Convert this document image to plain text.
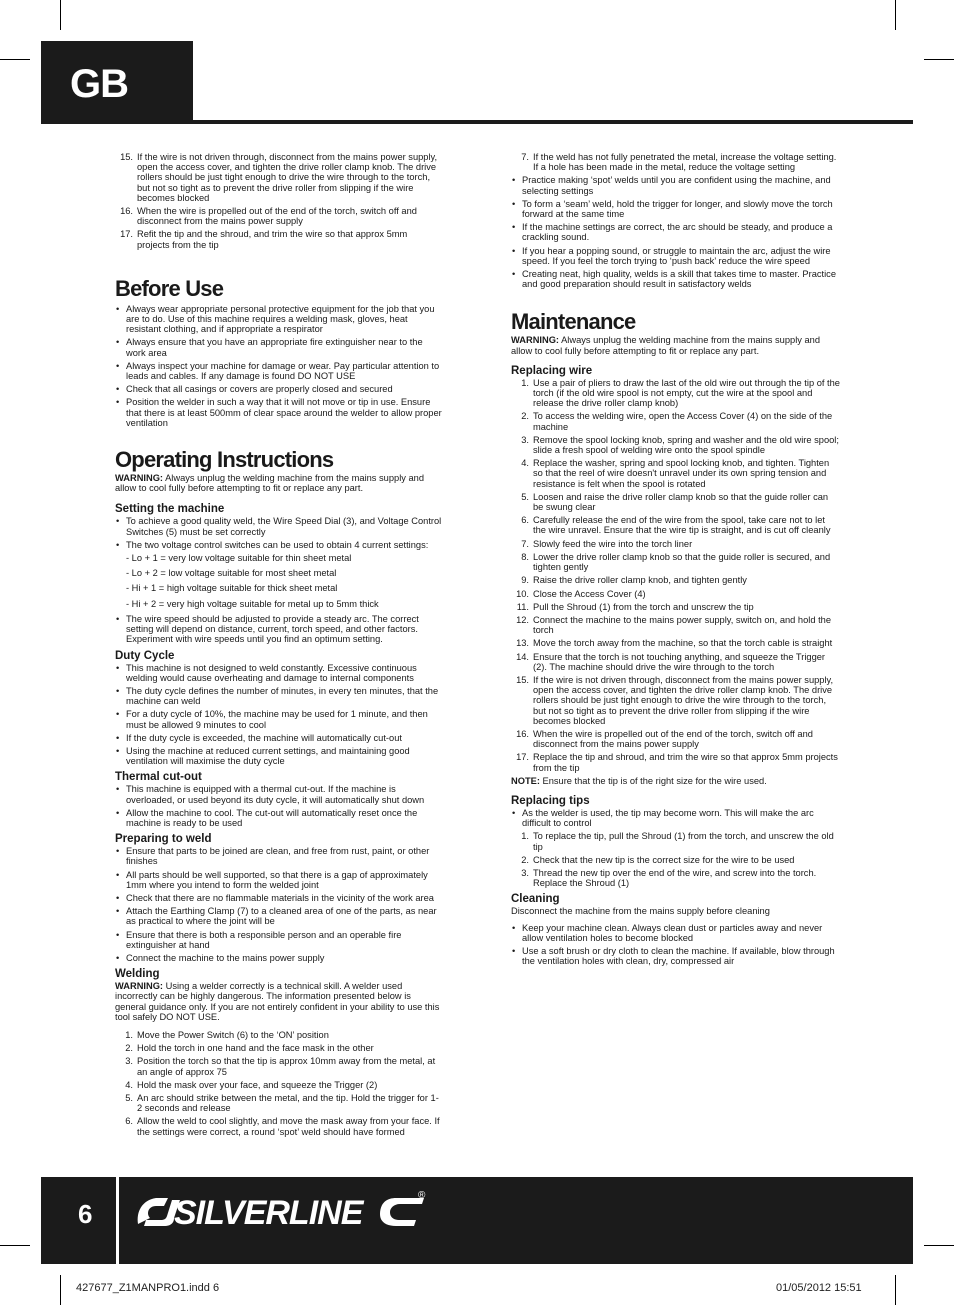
GB
15. If the wire is not driven through, disconnect from the mains power supply, open the access cover, and tighten the drive roller clamp knob. The drive rollers should be just tight enough to drive the wire through to the torch, but not so tight as to prevent the drive roller from slipping if the wire becomes blocked
16. When the wire is propelled out of the end of the torch, switch off and disconnect from the mains power supply
17. Refit the tip and the shroud, and trim the wire so that approx 5mm projects from the tip
Before Use
• Always wear appropriate personal protective equipment for the job that you are to do. Use of this machine requires a welding mask, gloves, heat resistant clothing, and if appropriate a respirator
• Always ensure that you have an appropriate fire extinguisher near to the work area
• Always inspect your machine for damage or wear. Pay particular attention to leads and cables. If any damage is found DO NOT USE
• Check that all casings or covers are properly closed and secured
• Position the welder in such a way that it will not move or tip in use. Ensure that there is at least 500mm of clear space around the welder to allow proper ventilation
Operating Instructions

WARNING: Always unplug the welding machine from the mains supply and allow to cool fully before attempting to fit or replace any part.

Setting the machine
• To achieve a good quality weld, the Wire Speed Dial (3), and Voltage Control Switches (5) must be set correctly
• The two voltage control switches can be used to obtain 4 current settings:
- Lo + 1 = very low voltage suitable for thin sheet metal
- Lo + 2 = low voltage suitable for most sheet metal
- Hi + 1 = high voltage suitable for thick sheet metal
- Hi + 2 = very high voltage suitable for metal up to 5mm thick
• The wire speed should be adjusted to provide a steady arc. The correct setting will depend on distance, current, torch speed, and other factors. Experiment with wire speeds until you find an optimum setting.
Duty Cycle
• This machine is not designed to weld constantly. Excessive continuous welding would cause overheating and damage to internal components
• The duty cycle defines the number of minutes, in every ten minutes, that the machine can weld
• For a duty cycle of 10%, the machine may be used for 1 minute, and then must be allowed 9 minutes to cool
• If the duty cycle is exceeded, the machine will automatically cut-out
• Using the machine at reduced current settings, and maintaining good ventilation will maximise the duty cycle
Thermal cut-out
• This machine is equipped with a thermal cut-out. If the machine is overloaded, or used beyond its duty cycle, it will automatically shut down
• Allow the machine to cool. The cut-out will automatically reset once the machine is ready to be used
Preparing to weld
• Ensure that parts to be joined are clean, and free from rust, paint, or other finishes
• All parts should be well supported, so that there is a gap of approximately 1mm where you intend to form the welded joint
• Check that there are no flammable materials in the vicinity of the work area
• Attach the Earthing Clamp (7) to a cleaned area of one of the parts, as near as practical to where the joint will be
• Ensure that there is both a responsible person and an operable fire extinguisher at hand
• Connect the machine to the mains power supply
Welding

WARNING: Using a welder correctly is a technical skill. A welder used incorrectly can be highly dangerous. The information presented below is general guidance only. If you are not entirely confident in your ability to use this tool safely DO NOT USE.

1. Move the Power Switch (6) to the ‘ON’ position
2. Hold the torch in one hand and the face mask in the other
3. Position the torch so that the tip is approx 10mm away from the metal, at an angle of approx 75
4. Hold the mask over your face, and squeeze the Trigger (2)
5. An arc should strike between the metal, and the tip. Hold the trigger for 1-2 seconds and release
6. Allow the weld to cool slightly, and move the mask away from your face. If the settings were correct, a round ‘spot’ weld should have formed
7. If the weld has not fully penetrated the metal, increase the voltage setting. If a hole has been made in the metal, reduce the voltage setting
• Practice making ‘spot’ welds until you are confident using the machine, and selecting settings
• To form a ‘seam’ weld, hold the trigger for longer, and slowly move the torch forward at the same time
• If the machine settings are correct, the arc should be steady, and produce a crackling sound.
• If you hear a popping sound, or struggle to maintain the arc, adjust the wire speed. If you feel the torch trying to ‘push back’ reduce the wire speed
• Creating neat, high quality, welds is a skill that takes time to master. Practice and good preparation should result in satisfactory welds
Maintenance

WARNING: Always unplug the welding machine from the mains supply and allow to cool fully before attempting to fit or replace any part.

Replacing wire
1. Use a pair of pliers to draw the last of the old wire out through the tip of the torch (if the old wire spool is not empty, cut the wire at the spool and release the drive roller clamp knob)
2. To access the welding wire, open the Access Cover (4) on the side of the machine
3. Remove the spool locking knob, spring and washer and the old wire spool; slide a fresh spool of welding wire onto the spool spindle
4. Replace the washer, spring and spool locking knob, and tighten. Tighten so that the reel of wire doesn't unravel under its own spring tension and resistance is felt when the spool is rotated
5. Loosen and raise the drive roller clamp knob so that the guide roller can be swung clear
6. Carefully release the end of the wire from the spool, take care not to let the wire unravel. Ensure that the wire tip is straight, and is cut off cleanly
7. Slowly feed the wire into the torch liner
8. Lower the drive roller clamp knob so that the guide roller is secured, and tighten gently
9. Raise the drive roller clamp knob, and tighten gently
10. Close the Access Cover (4)
11. Pull the Shroud (1) from the torch and unscrew the tip
12. Connect the machine to the mains power supply, switch on, and hold the torch
13. Move the torch away from the machine, so that the torch cable is straight
14. Ensure that the torch is not touching anything, and squeeze the Trigger (2). The machine should drive the wire through to the torch
15. If the wire is not driven through, disconnect from the mains power supply, open the access cover, and tighten the drive roller clamp knob. The drive rollers should be just tight enough to drive the wire through to the torch, but not so tight as to prevent the drive roller from slipping if the wire becomes blocked
16. When the wire is propelled out of the end of the torch, switch off and disconnect from the mains power supply
17. Replace the tip and shroud, and trim the wire so that approx 5mm projects from the tip

NOTE: Ensure that the tip is of the right size for the wire used.

Replacing tips
• As the welder is used, the tip may become worn. This will make the arc difficult to control
1. To replace the tip, pull the Shroud (1) from the torch, and unscrew the old tip
2. Check that the new tip is the correct size for the wire to be used
3. Thread the new tip over the end of the wire, and screw into the torch. Replace the Shroud (1)
Cleaning

Disconnect the machine from the mains supply before cleaning

• Keep your machine clean. Always clean dust or particles away and never allow ventilation holes to become blocked
• Use a soft brush or dry cloth to clean the machine. If available, blow through the ventilation holes with clean, dry, compressed air
6 SILVERLINE	®
427677_Z1MANPRO1.indd 6	01/05/2012 15:51
